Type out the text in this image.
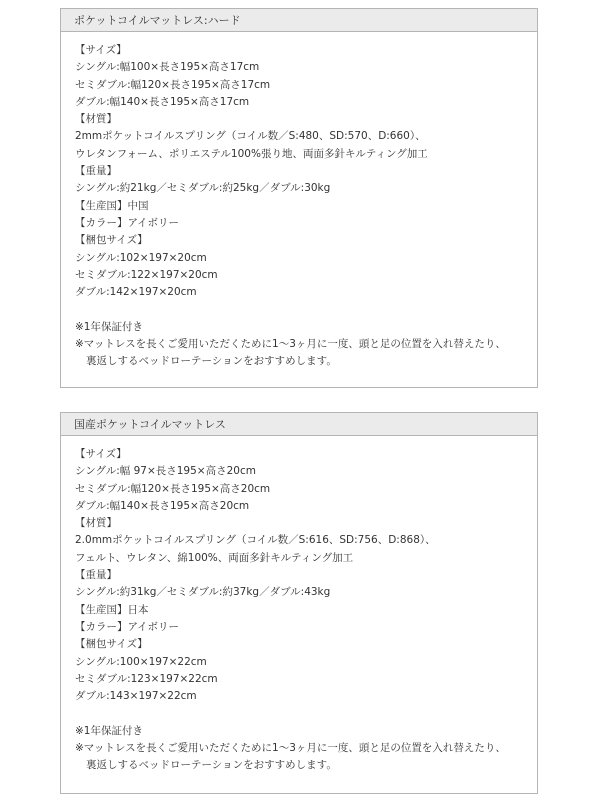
ポケットコイルマットレス:ハード
【サイズ】
シングル:幅100×長さ195×高さ17cm
セミダブル:幅120×長さ195×高さ17cm
ダブル:幅140×長さ195×高さ17cm
【材質】
2mmポケットコイルスプリング（コイル数／S:480、SD:570、D:660）、
ウレタンフォーム、ポリエステル100%張り地、両面多針キルティング加工
【重量】
シングル:約21kg／セミダブル:約25kg／ダブル:30kg
【生産国】中国
【カラー】アイボリー
【梱包サイズ】
シングル:102×197×20cm
セミダブル:122×197×20cm
ダブル:142×197×20cm
※1年保証付き
※マットレスを長くご愛用いただくために1〜3ヶ月に一度、頭と足の位置を入れ替えたり、
裏返しするベッドローテーションをおすすめします。
国産ポケットコイルマットレス
【サイズ】
シングル:幅 97×長さ195×高さ20cm
セミダブル:幅120×長さ195×高さ20cm
ダブル:幅140×長さ195×高さ20cm
【材質】
2.0mmポケットコイルスプリング（コイル数／S:616、SD:756、D:868）、
フェルト、ウレタン、綿100%、両面多針キルティング加工
【重量】
シングル:約31kg／セミダブル:約37kg／ダブル:43kg
【生産国】日本
【カラー】アイボリー
【梱包サイズ】
シングル:100×197×22cm
セミダブル:123×197×22cm
ダブル:143×197×22cm
※1年保証付き
※マットレスを長くご愛用いただくために1〜3ヶ月に一度、頭と足の位置を入れ替えたり、
裏返しするベッドローテーションをおすすめします。
